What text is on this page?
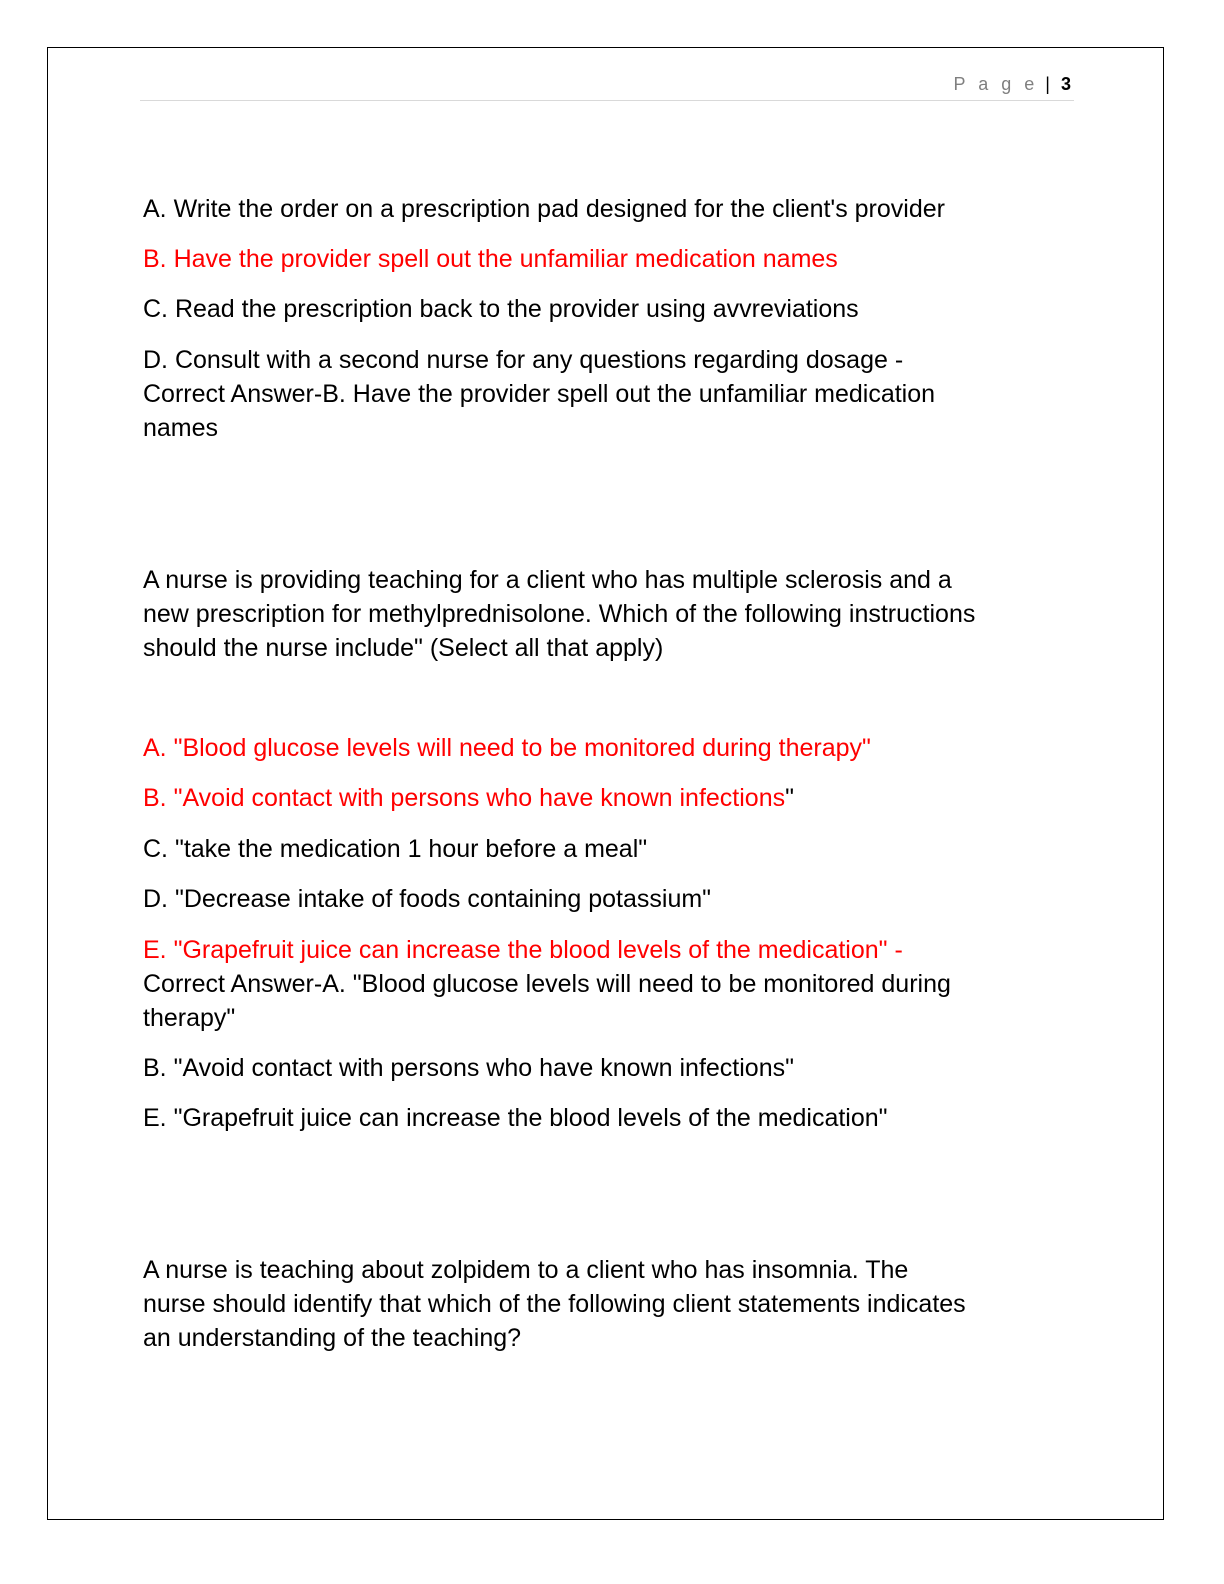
P a g e | 3
A. Write the order on a prescription pad designed for the client's provider
B. Have the provider spell out the unfamiliar medication names
C. Read the prescription back to the provider using avvreviations
D. Consult with a second nurse for any questions regarding dosage -
Correct Answer-B. Have the provider spell out the unfamiliar medication
names
A nurse is providing teaching for a client who has multiple sclerosis and a
new prescription for methylprednisolone. Which of the following instructions
should the nurse include" (Select all that apply)
A. "Blood glucose levels will need to be monitored during therapy"
B. "Avoid contact with persons who have known infections"
C. "take the medication 1 hour before a meal"
D. "Decrease intake of foods containing potassium"
E. "Grapefruit juice can increase the blood levels of the medication" -
Correct Answer-A. "Blood glucose levels will need to be monitored during
therapy"
B. "Avoid contact with persons who have known infections"
E. "Grapefruit juice can increase the blood levels of the medication"
A nurse is teaching about zolpidem to a client who has insomnia. The
nurse should identify that which of the following client statements indicates
an understanding of the teaching?
